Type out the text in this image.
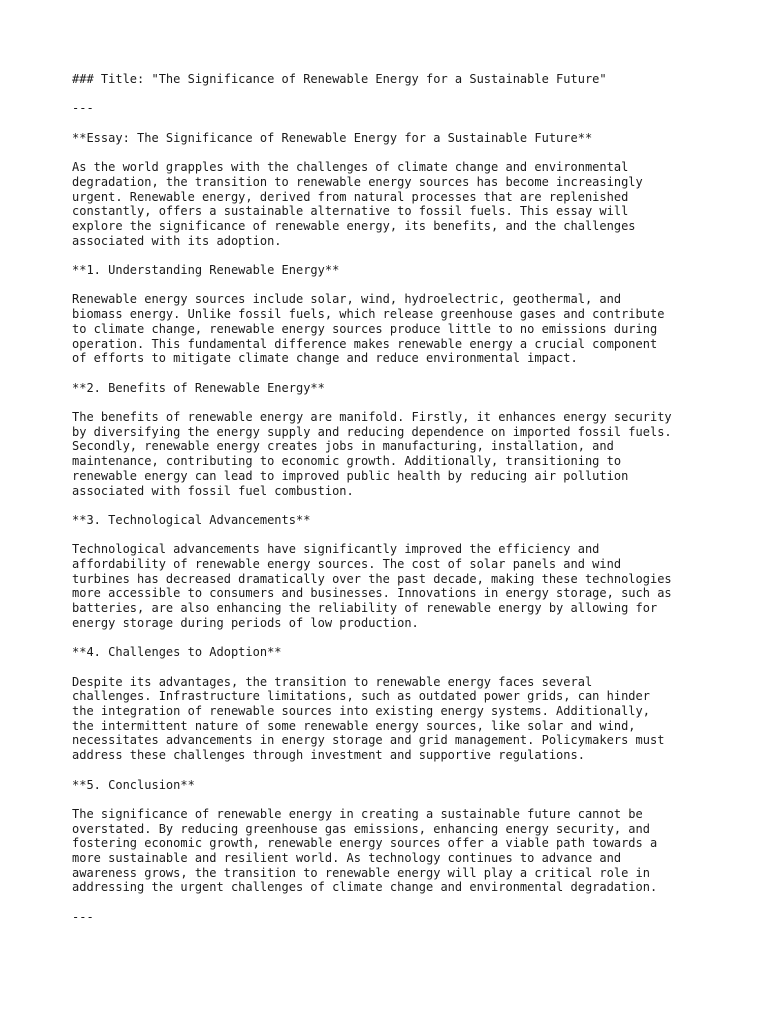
### Title: "The Significance of Renewable Energy for a Sustainable Future"
---
**Essay: The Significance of Renewable Energy for a Sustainable Future**
As the world grapples with the challenges of climate change and environmental
degradation, the transition to renewable energy sources has become increasingly
urgent. Renewable energy, derived from natural processes that are replenished
constantly, offers a sustainable alternative to fossil fuels. This essay will
explore the significance of renewable energy, its benefits, and the challenges
associated with its adoption.
**1. Understanding Renewable Energy**
Renewable energy sources include solar, wind, hydroelectric, geothermal, and
biomass energy. Unlike fossil fuels, which release greenhouse gases and contribute
to climate change, renewable energy sources produce little to no emissions during
operation. This fundamental difference makes renewable energy a crucial component
of efforts to mitigate climate change and reduce environmental impact.
**2. Benefits of Renewable Energy**
The benefits of renewable energy are manifold. Firstly, it enhances energy security
by diversifying the energy supply and reducing dependence on imported fossil fuels.
Secondly, renewable energy creates jobs in manufacturing, installation, and
maintenance, contributing to economic growth. Additionally, transitioning to
renewable energy can lead to improved public health by reducing air pollution
associated with fossil fuel combustion.
**3. Technological Advancements**
Technological advancements have significantly improved the efficiency and
affordability of renewable energy sources. The cost of solar panels and wind
turbines has decreased dramatically over the past decade, making these technologies
more accessible to consumers and businesses. Innovations in energy storage, such as
batteries, are also enhancing the reliability of renewable energy by allowing for
energy storage during periods of low production.
**4. Challenges to Adoption**
Despite its advantages, the transition to renewable energy faces several
challenges. Infrastructure limitations, such as outdated power grids, can hinder
the integration of renewable sources into existing energy systems. Additionally,
the intermittent nature of some renewable energy sources, like solar and wind,
necessitates advancements in energy storage and grid management. Policymakers must
address these challenges through investment and supportive regulations.
**5. Conclusion**
The significance of renewable energy in creating a sustainable future cannot be
overstated. By reducing greenhouse gas emissions, enhancing energy security, and
fostering economic growth, renewable energy sources offer a viable path towards a
more sustainable and resilient world. As technology continues to advance and
awareness grows, the transition to renewable energy will play a critical role in
addressing the urgent challenges of climate change and environmental degradation.
---
